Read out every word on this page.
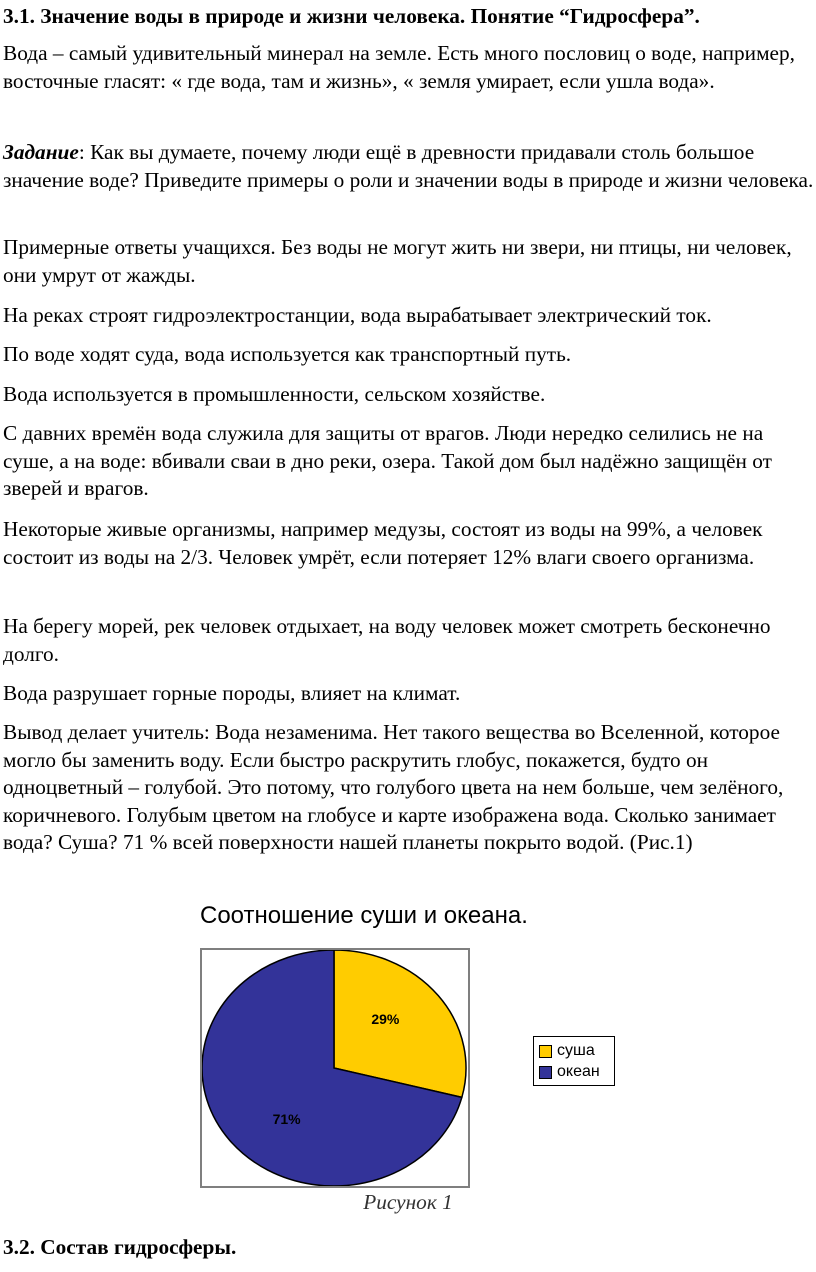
3.1. Значение воды в природе и жизни человека. Понятие “Гидросфера”.

Вода – самый удивительный минерал на земле. Есть много пословиц о воде, например, восточные гласят: « где вода, там и жизнь», « земля умирает, если ушла вода».

Задание: Как вы думаете, почему люди ещё в древности придавали столь большое значение воде? Приведите примеры о роли и значении воды в природе и жизни человека.

Примерные ответы учащихся. Без воды не могут жить ни звери, ни птицы, ни человек, они умрут от жажды.

На реках строят гидроэлектростанции, вода вырабатывает электрический ток.

По воде ходят суда, вода используется как транспортный путь.

Вода используется в промышленности, сельском хозяйстве.

С давних времён вода служила для защиты от врагов. Люди нередко селились не на суше, а на воде: вбивали сваи в дно реки, озера. Такой дом был надёжно защищён от зверей и врагов.

Некоторые живые организмы, например медузы, состоят из воды на 99%, а человек состоит из воды на 2/3. Человек умрёт, если потеряет 12% влаги своего организма.

На берегу морей, рек человек отдыхает, на воду человек может смотреть бесконечно долго.

Вода разрушает горные породы, влияет на климат.

Вывод делает учитель: Вода незаменима. Нет такого вещества во Вселенной, которое могло бы заменить воду. Если быстро раскрутить глобус, покажется, будто он одноцветный – голубой. Это потому, что голубого цвета на нем больше, чем зелёного, коричневого. Голубым цветом на глобусе и карте изображена вода. Сколько занимает вода? Суша? 71 % всей поверхности нашей планеты покрыто водой. (Рис.1)

Соотношение суши и океана.
29%
71%
суша
океан
Рисунок 1

3.2. Состав гидросферы.
